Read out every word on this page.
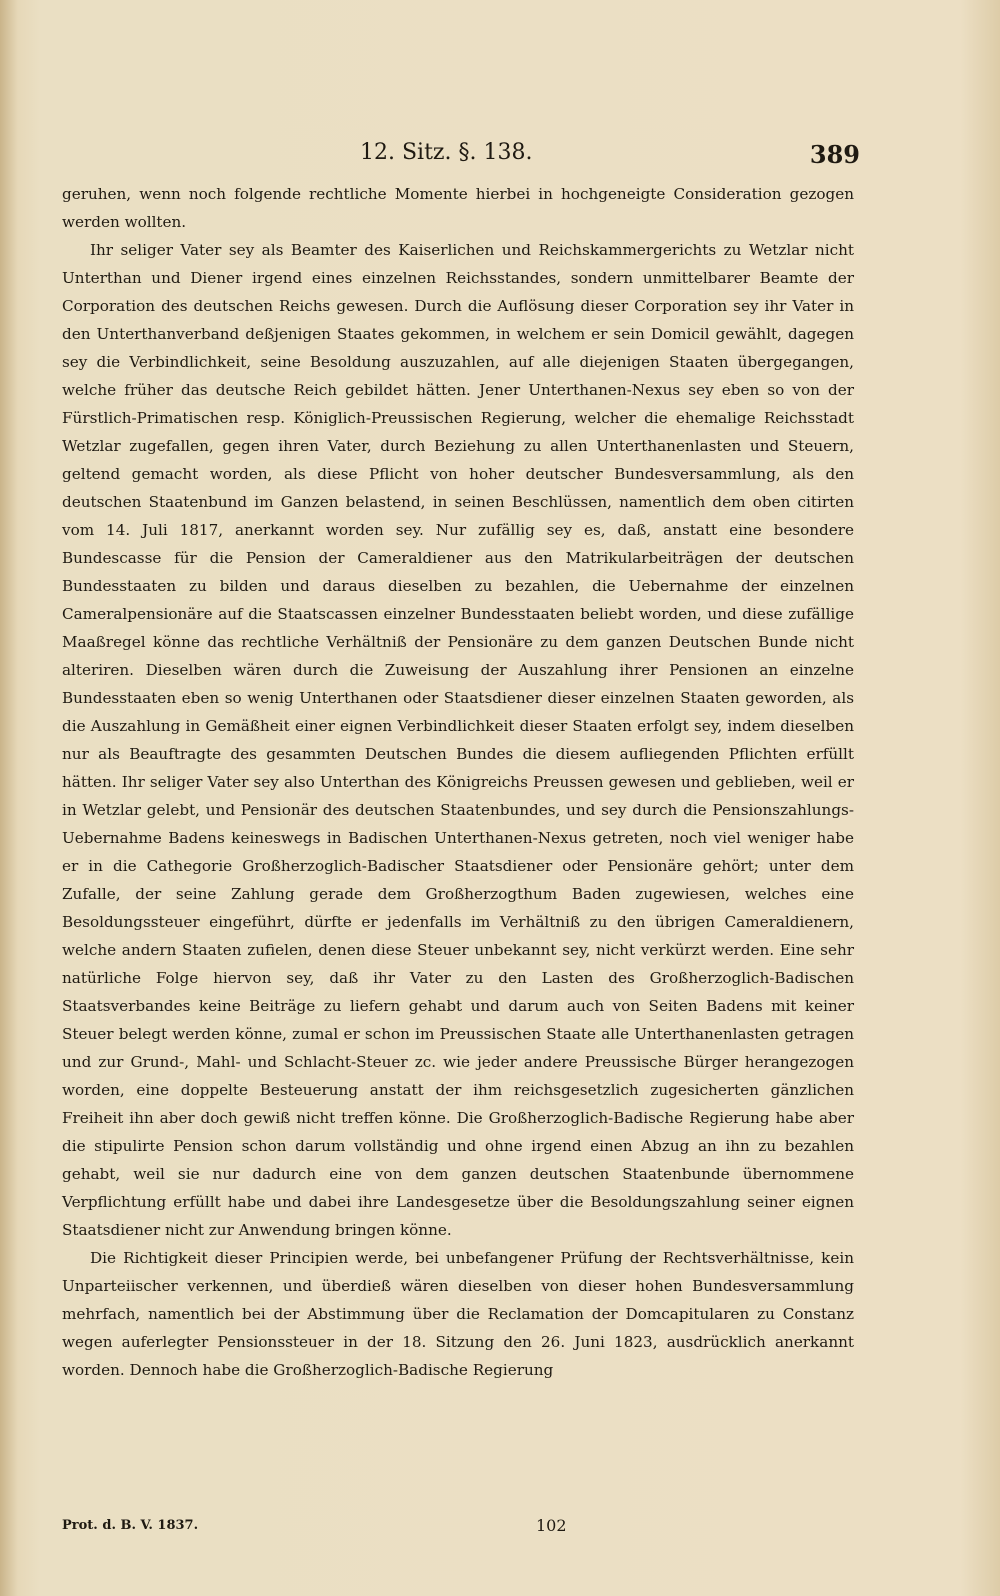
12. Sitz. §. 138.	389

geruhen, wenn noch folgende rechtliche Momente hierbei in hochgeneigte Consideration gezogen werden wollten.

Ihr seliger Vater sey als Beamter des Kaiserlichen und Reichskammergerichts zu Wetzlar nicht Unterthan und Diener irgend eines einzelnen Reichsstandes, sondern unmittelbarer Beamte der Corporation des deutschen Reichs gewesen. Durch die Auflösung dieser Corporation sey ihr Vater in den Unterthanverband deßjenigen Staates gekommen, in welchem er sein Domicil gewählt, dagegen sey die Verbindlichkeit, seine Besoldung auszuzahlen, auf alle diejenigen Staaten übergegangen, welche früher das deutsche Reich gebildet hätten. Jener Unterthanen-Nexus sey eben so von der Fürstlich-Primatischen resp. Königlich-Preussischen Regierung, welcher die ehemalige Reichsstadt Wetzlar zugefallen, gegen ihren Vater, durch Beziehung zu allen Unterthanenlasten und Steuern, geltend gemacht worden, als diese Pflicht von hoher deutscher Bundesversammlung, als den deutschen Staatenbund im Ganzen belastend, in seinen Beschlüssen, namentlich dem oben citirten vom 14. Juli 1817, anerkannt worden sey. Nur zufällig sey es, daß, anstatt eine besondere Bundescasse für die Pension der Cameraldiener aus den Matrikularbeiträgen der deutschen Bundesstaaten zu bilden und daraus dieselben zu bezahlen, die Uebernahme der einzelnen Cameralpensionäre auf die Staatscassen einzelner Bundesstaaten beliebt worden, und diese zufällige Maaßregel könne das rechtliche Verhältniß der Pensionäre zu dem ganzen Deutschen Bunde nicht alteriren. Dieselben wären durch die Zuweisung der Auszahlung ihrer Pensionen an einzelne Bundesstaaten eben so wenig Unterthanen oder Staatsdiener dieser einzelnen Staaten geworden, als die Auszahlung in Gemäßheit einer eignen Verbindlichkeit dieser Staaten erfolgt sey, indem dieselben nur als Beauftragte des gesammten Deutschen Bundes die diesem aufliegenden Pflichten erfüllt hätten. Ihr seliger Vater sey also Unterthan des Königreichs Preussen gewesen und geblieben, weil er in Wetzlar gelebt, und Pensionär des deutschen Staatenbundes, und sey durch die Pensionszahlungs-Uebernahme Badens keineswegs in Badischen Unterthanen-Nexus getreten, noch viel weniger habe er in die Cathegorie Großherzoglich-Badischer Staatsdiener oder Pensionäre gehört; unter dem Zufalle, der seine Zahlung gerade dem Großherzogthum Baden zugewiesen, welches eine Besoldungssteuer eingeführt, dürfte er jedenfalls im Verhältniß zu den übrigen Cameraldienern, welche andern Staaten zufielen, denen diese Steuer unbekannt sey, nicht verkürzt werden. Eine sehr natürliche Folge hiervon sey, daß ihr Vater zu den Lasten des Großherzoglich-Badischen Staatsverbandes keine Beiträge zu liefern gehabt und darum auch von Seiten Badens mit keiner Steuer belegt werden könne, zumal er schon im Preussischen Staate alle Unterthanenlasten getragen und zur Grund-, Mahl- und Schlacht-Steuer zc. wie jeder andere Preussische Bürger herangezogen worden, eine doppelte Besteuerung anstatt der ihm reichsgesetzlich zugesicherten gänzlichen Freiheit ihn aber doch gewiß nicht treffen könne. Die Großherzoglich-Badische Regierung habe aber die stipulirte Pension schon darum vollständig und ohne irgend einen Abzug an ihn zu bezahlen gehabt, weil sie nur dadurch eine von dem ganzen deutschen Staatenbunde übernommene Verpflichtung erfüllt habe und dabei ihre Landesgesetze über die Besoldungszahlung seiner eignen Staatsdiener nicht zur Anwendung bringen könne.

Die Richtigkeit dieser Principien werde, bei unbefangener Prüfung der Rechtsverhältnisse, kein Unparteiischer verkennen, und überdieß wären dieselben von dieser hohen Bundesversammlung mehrfach, namentlich bei der Abstimmung über die Reclamation der Domcapitularen zu Constanz wegen auferlegter Pensionssteuer in der 18. Sitzung den 26. Juni 1823, ausdrücklich anerkannt worden. Dennoch habe die Großherzoglich-Badische Regierung

Prot. d. B. V. 1837.	102
